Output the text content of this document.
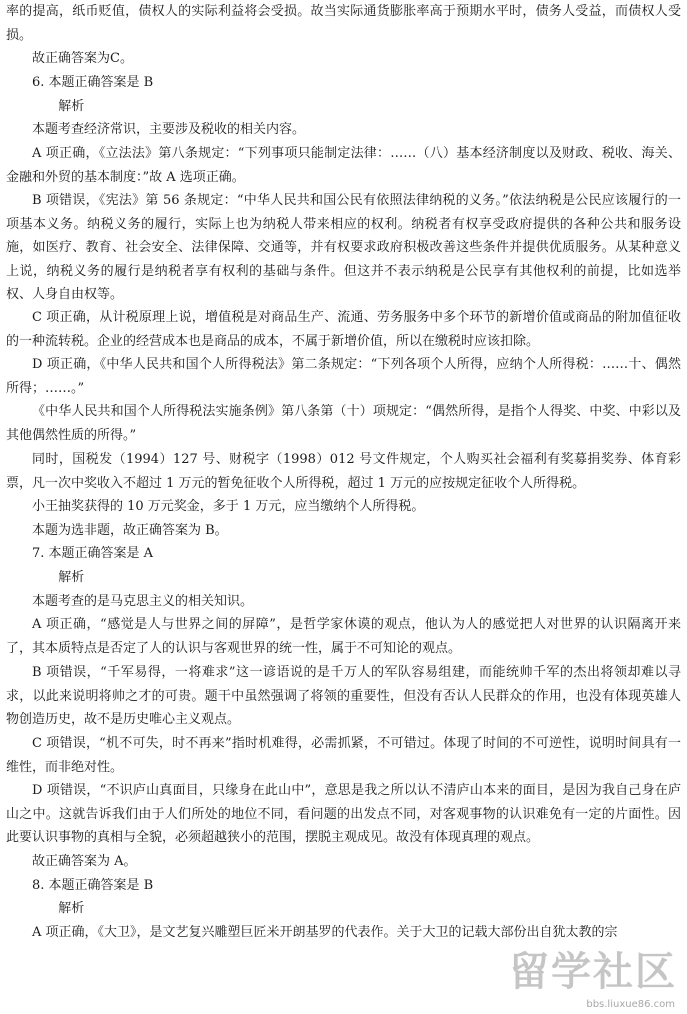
率的提高，纸币贬值，债权人的实际利益将会受损。故当实际通货膨胀率高于预期水平时，债务人受益，而债权人受损。

故正确答案为C。

6. 本题正确答案是 B

解析

本题考查经济常识，主要涉及税收的相关内容。

A 项正确，《立法法》第八条规定：“下列事项只能制定法律：……（八）基本经济制度以及财政、税收、海关、金融和外贸的基本制度：”故 A 选项正确。

B 项错误，《宪法》第 56 条规定：“中华人民共和国公民有依照法律纳税的义务。”依法纳税是公民应该履行的一项基本义务。纳税义务的履行，实际上也为纳税人带来相应的权利。纳税者有权享受政府提供的各种公共和服务设施，如医疗、教育、社会安全、法律保障、交通等，并有权要求政府积极改善这些条件并提供优质服务。从某种意义上说，纳税义务的履行是纳税者享有权利的基础与条件。但这并不表示纳税是公民享有其他权利的前提，比如选举权、人身自由权等。

C 项正确，从计税原理上说，增值税是对商品生产、流通、劳务服务中多个环节的新增价值或商品的附加值征收的一种流转税。企业的经营成本也是商品的成本，不属于新增价值，所以在缴税时应该扣除。

D 项正确，《中华人民共和国个人所得税法》第二条规定：“下列各项个人所得，应纳个人所得税：……十、偶然所得；……。”

《中华人民共和国个人所得税法实施条例》第八条第（十）项规定：“偶然所得，是指个人得奖、中奖、中彩以及其他偶然性质的所得。”

同时，国税发（1994）127 号、财税字（1998）012 号文件规定，个人购买社会福利有奖募捐奖券、体育彩票，凡一次中奖收入不超过 1 万元的暂免征收个人所得税，超过 1 万元的应按规定征收个人所得税。

小王抽奖获得的 10 万元奖金，多于 1 万元，应当缴纳个人所得税。

本题为选非题，故正确答案为 B。

7. 本题正确答案是 A

解析

本题考查的是马克思主义的相关知识。

A 项正确，“感觉是人与世界之间的屏障”，是哲学家休谟的观点，他认为人的感觉把人对世界的认识隔离开来了，其本质特点是否定了人的认识与客观世界的统一性，属于不可知论的观点。

B 项错误，“千军易得，一将难求”这一谚语说的是千万人的军队容易组建，而能统帅千军的杰出将领却难以寻求，以此来说明将帅之才的可贵。题干中虽然强调了将领的重要性，但没有否认人民群众的作用，也没有体现英雄人物创造历史，故不是历史唯心主义观点。

C 项错误，“机不可失，时不再来”指时机难得，必需抓紧，不可错过。体现了时间的不可逆性，说明时间具有一维性，而非绝对性。

D 项错误，“不识庐山真面目，只缘身在此山中”，意思是我之所以认不清庐山本来的面目，是因为我自己身在庐山之中。这就告诉我们由于人们所处的地位不同，看问题的出发点不同，对客观事物的认识难免有一定的片面性。因此要认识事物的真相与全貌，必须超越狭小的范围，摆脱主观成见。故没有体现真理的观点。

故正确答案为 A。

8. 本题正确答案是 B

解析

A 项正确，《大卫》，是文艺复兴雕塑巨匠米开朗基罗的代表作。关于大卫的记载大部份出自犹太教的宗

留学社区
bbs.liuxue86.com
